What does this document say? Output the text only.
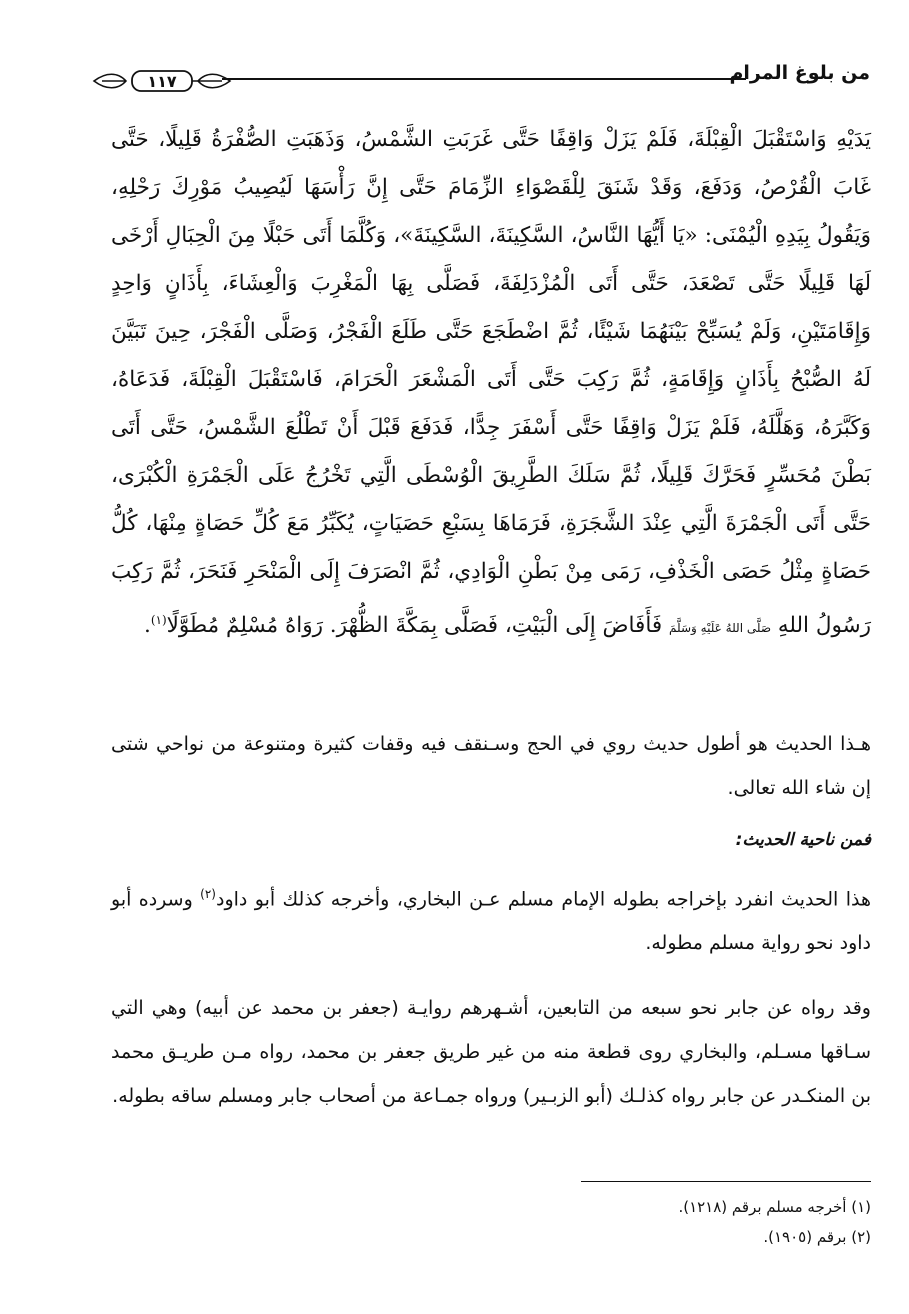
من بلوغ المرام
١١٧
يَدَيْهِ وَاسْتَقْبَلَ الْقِبْلَةَ، فَلَمْ يَزَلْ وَاقِفًا حَتَّى غَرَبَتِ الشَّمْسُ، وَذَهَبَتِ الصُّفْرَةُ قَلِيلًا، حَتَّى غَابَ الْقُرْصُ، وَدَفَعَ، وَقَدْ شَنَقَ لِلْقَصْوَاءِ الزِّمَامَ حَتَّى إِنَّ رَأْسَهَا لَيُصِيبُ مَوْرِكَ رَحْلِهِ، وَيَقُولُ بِيَدِهِ الْيُمْنَى: «يَا أَيُّهَا النَّاسُ، السَّكِينَةَ، السَّكِينَةَ»، وَكُلَّمَا أَتَى حَبْلًا مِنَ الْحِبَالِ أَرْخَى لَهَا قَلِيلًا حَتَّى تَصْعَدَ، حَتَّى أَتَى الْمُزْدَلِفَةَ، فَصَلَّى بِهَا الْمَغْرِبَ وَالْعِشَاءَ، بِأَذَانٍ وَاحِدٍ وَإِقَامَتَيْنِ، وَلَمْ يُسَبِّحْ بَيْنَهُمَا شَيْئًا، ثُمَّ اضْطَجَعَ حَتَّى طَلَعَ الْفَجْرُ، وَصَلَّى الْفَجْرَ، حِينَ تَبَيَّنَ لَهُ الصُّبْحُ بِأَذَانٍ وَإِقَامَةٍ، ثُمَّ رَكِبَ حَتَّى أَتَى الْمَشْعَرَ الْحَرَامَ، فَاسْتَقْبَلَ الْقِبْلَةَ، فَدَعَاهُ، وَكَبَّرَهُ، وَهَلَّلَهُ، فَلَمْ يَزَلْ وَاقِفًا حَتَّى أَسْفَرَ جِدًّا، فَدَفَعَ قَبْلَ أَنْ تَطْلُعَ الشَّمْسُ، حَتَّى أَتَى بَطْنَ مُحَسِّرٍ فَحَرَّكَ قَلِيلًا، ثُمَّ سَلَكَ الطَّرِيقَ الْوُسْطَى الَّتِي تَخْرُجُ عَلَى الْجَمْرَةِ الْكُبْرَى، حَتَّى أَتَى الْجَمْرَةَ الَّتِي عِنْدَ الشَّجَرَةِ، فَرَمَاهَا بِسَبْعِ حَصَيَاتٍ، يُكَبِّرُ مَعَ كُلِّ حَصَاةٍ مِنْهَا، كُلُّ حَصَاةٍ مِثْلُ حَصَى الْخَذْفِ، رَمَى مِنْ بَطْنِ الْوَادِي، ثُمَّ انْصَرَفَ إِلَى الْمَنْحَرِ فَنَحَرَ، ثُمَّ رَكِبَ رَسُولُ اللهِ صَلَّى اللهُ عَلَيْهِ وَسَلَّمَ فَأَفَاضَ إِلَى الْبَيْتِ، فَصَلَّى بِمَكَّةَ الظُّهْرَ. رَوَاهُ مُسْلِمٌ مُطَوَّلًا$^{(١)}$.
هـذا الحديث هو أطول حديث روي في الحج وسـنقف فيه وقفات كثيرة ومتنوعة من نواحي شتى إن شاء الله تعالى.
فمن ناحية الحديث:
هذا الحديث انفرد بإخراجه بطوله الإمام مسلم عـن البخاري، وأخرجه كذلك أبو داود$^{(٢)}$ وسرده أبو داود نحو رواية مسلم مطوله.
وقد رواه عن جابر نحو سبعه من التابعين، أشـهرهم روايـة (جعفر بن محمد عن أبيه) وهي التي سـاقها مسـلم، والبخاري روى قطعة منه من غير طريق جعفر بن محمد، رواه مـن طريـق محمد بن المنكـدر عن جابر رواه كذلـك (أبو الزبـير) ورواه جمـاعة من أصحاب جابر ومسلم ساقه بطوله.
(١) أخرجه مسلم برقم (١٢١٨).
(٢) برقم (١٩٠٥).
